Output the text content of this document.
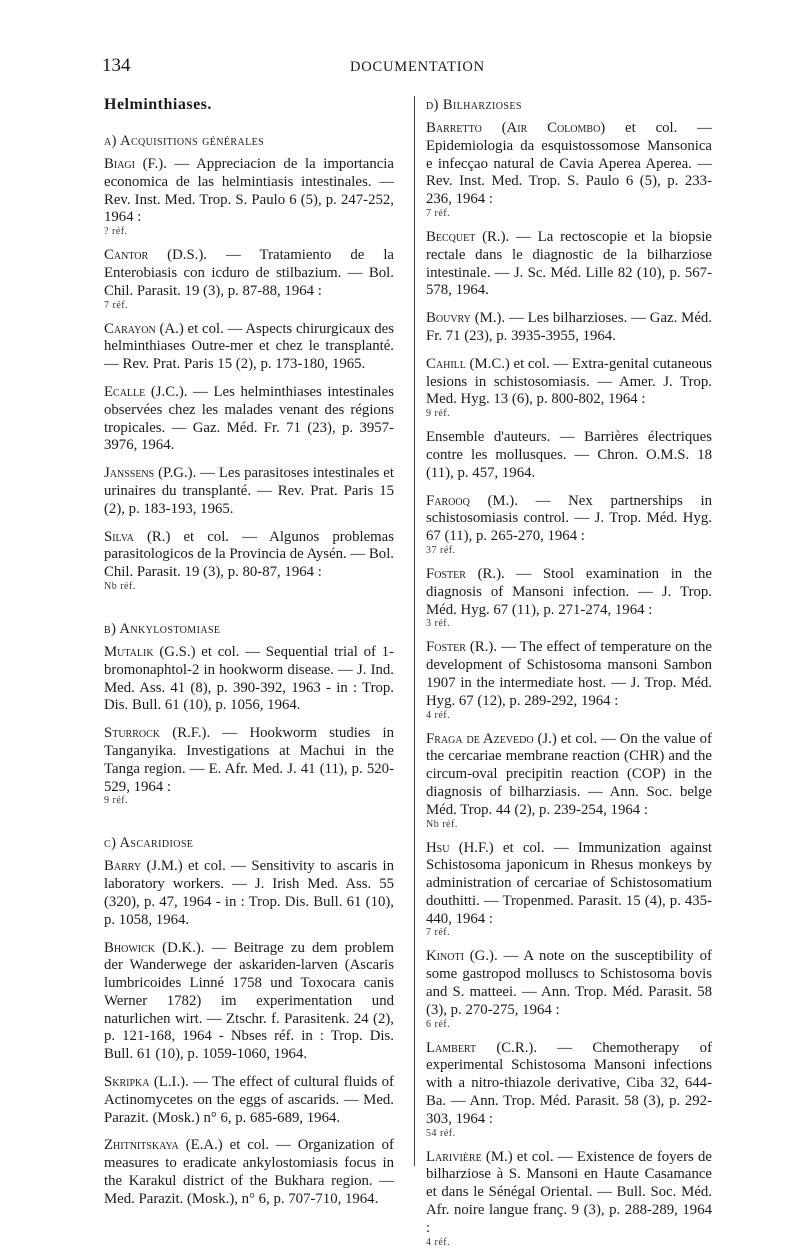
134	DOCUMENTATION
Helminthiases.
a) Acquisitions générales
Biagi (F.). — Appreciacion de la importancia economica de las helmintiasis intestinales. — Rev. Inst. Med. Trop. S. Paulo 6 (5), p. 247-252, 1964 :
? réf.
Cantor (D.S.). — Tratamiento de la Enterobiasis con icduro de stilbazium. — Bol. Chil. Parasit. 19 (3), p. 87-88, 1964 :
7 réf.
Carayon (A.) et col. — Aspects chirurgicaux des helminthiases Outre-mer et chez le transplanté. — Rev. Prat. Paris 15 (2), p. 173-180, 1965.
Ecalle (J.C.). — Les helminthiases intestinales observées chez les malades venant des régions tropicales. — Gaz. Méd. Fr. 71 (23), p. 3957-3976, 1964.
Janssens (P.G.). — Les parasitoses intestinales et urinaires du transplanté. — Rev. Prat. Paris 15 (2), p. 183-193, 1965.
Silva (R.) et col. — Algunos problemas parasitologicos de la Provincia de Aysén. — Bol. Chil. Parasit. 19 (3), p. 80-87, 1964 :
Nb réf.
b) Ankylostomiase
Mutalik (G.S.) et col. — Sequential trial of 1-bromonaphtol-2 in hookworm disease. — J. Ind. Med. Ass. 41 (8), p. 390-392, 1963 - in : Trop. Dis. Bull. 61 (10), p. 1056, 1964.
Sturrock (R.F.). — Hookworm studies in Tanganyika. Investigations at Machui in the Tanga region. — E. Afr. Med. J. 41 (11), p. 520-529, 1964 :
9 réf.
c) Ascaridiose
Barry (J.M.) et col. — Sensitivity to ascaris in laboratory workers. — J. Irish Med. Ass. 55 (320), p. 47, 1964 - in : Trop. Dis. Bull. 61 (10), p. 1058, 1964.
Bhowick (D.K.). — Beitrage zu dem problem der Wanderwege der askariden-larven (Ascaris lumbricoides Linné 1758 und Toxocara canis Werner 1782) im experimentation und naturlichen wirt. — Ztschr. f. Parasitenk. 24 (2), p. 121-168, 1964 - Nbses réf. in : Trop. Dis. Bull. 61 (10), p. 1059-1060, 1964.
Skripka (L.I.). — The effect of cultural fluids of Actinomycetes on the eggs of ascarids. — Med. Parazit. (Mosk.) n° 6, p. 685-689, 1964.
Zhitnitskaya (E.A.) et col. — Organization of measures to eradicate ankylostomiasis focus in the Karakul district of the Bukhara region. — Med. Parazit. (Mosk.), n° 6, p. 707-710, 1964.
d) Bilharzioses
Barretto (Air Colombo) et col. — Epidemiologia da esquistossomose Mansonica e infecçao natural de Cavia Aperea Aperea. — Rev. Inst. Med. Trop. S. Paulo 6 (5), p. 233-236, 1964 :
7 réf.
Becquet (R.). — La rectoscopie et la biopsie rectale dans le diagnostic de la bilharziose intestinale. — J. Sc. Méd. Lille 82 (10), p. 567-578, 1964.
Bouvry (M.). — Les bilharzioses. — Gaz. Méd. Fr. 71 (23), p. 3935-3955, 1964.
Cahill (M.C.) et col. — Extra-genital cutaneous lesions in schistosomiasis. — Amer. J. Trop. Med. Hyg. 13 (6), p. 800-802, 1964 :
9 réf.
Ensemble d'auteurs. — Barrières électriques contre les mollusques. — Chron. O.M.S. 18 (11), p. 457, 1964.
Farooq (M.). — Nex partnerships in schistosomiasis control. — J. Trop. Méd. Hyg. 67 (11), p. 265-270, 1964 :
37 réf.
Foster (R.). — Stool examination in the diagnosis of Mansoni infection. — J. Trop. Méd. Hyg. 67 (11), p. 271-274, 1964 :
3 réf.
Foster (R.). — The effect of temperature on the development of Schistosoma mansoni Sambon 1907 in the intermediate host. — J. Trop. Méd. Hyg. 67 (12), p. 289-292, 1964 :
4 réf.
Fraga de Azevedo (J.) et col. — On the value of the cercariae membrane reaction (CHR) and the circum-oval precipitin reaction (COP) in the diagnosis of bilharziasis. — Ann. Soc. belge Méd. Trop. 44 (2), p. 239-254, 1964 :
Nb réf.
Hsu (H.F.) et col. — Immunization against Schistosoma japonicum in Rhesus monkeys by administration of cercariae of Schistosomatium douthitti. — Tropenmed. Parasit. 15 (4), p. 435-440, 1964 :
7 réf.
Kinoti (G.). — A note on the susceptibility of some gastropod molluscs to Schistosoma bovis and S. matteei. — Ann. Trop. Méd. Parasit. 58 (3), p. 270-275, 1964 :
6 réf.
Lambert (C.R.). — Chemotherapy of experimental Schistosoma Mansoni infections with a nitro-thiazole derivative, Ciba 32, 644-Ba. — Ann. Trop. Méd. Parasit. 58 (3), p. 292-303, 1964 :
54 réf.
Larivière (M.) et col. — Existence de foyers de bilharziose à S. Mansoni en Haute Casamance et dans le Sénégal Oriental. — Bull. Soc. Méd. Afr. noire langue franç. 9 (3), p. 288-289, 1964 :
4 réf.
